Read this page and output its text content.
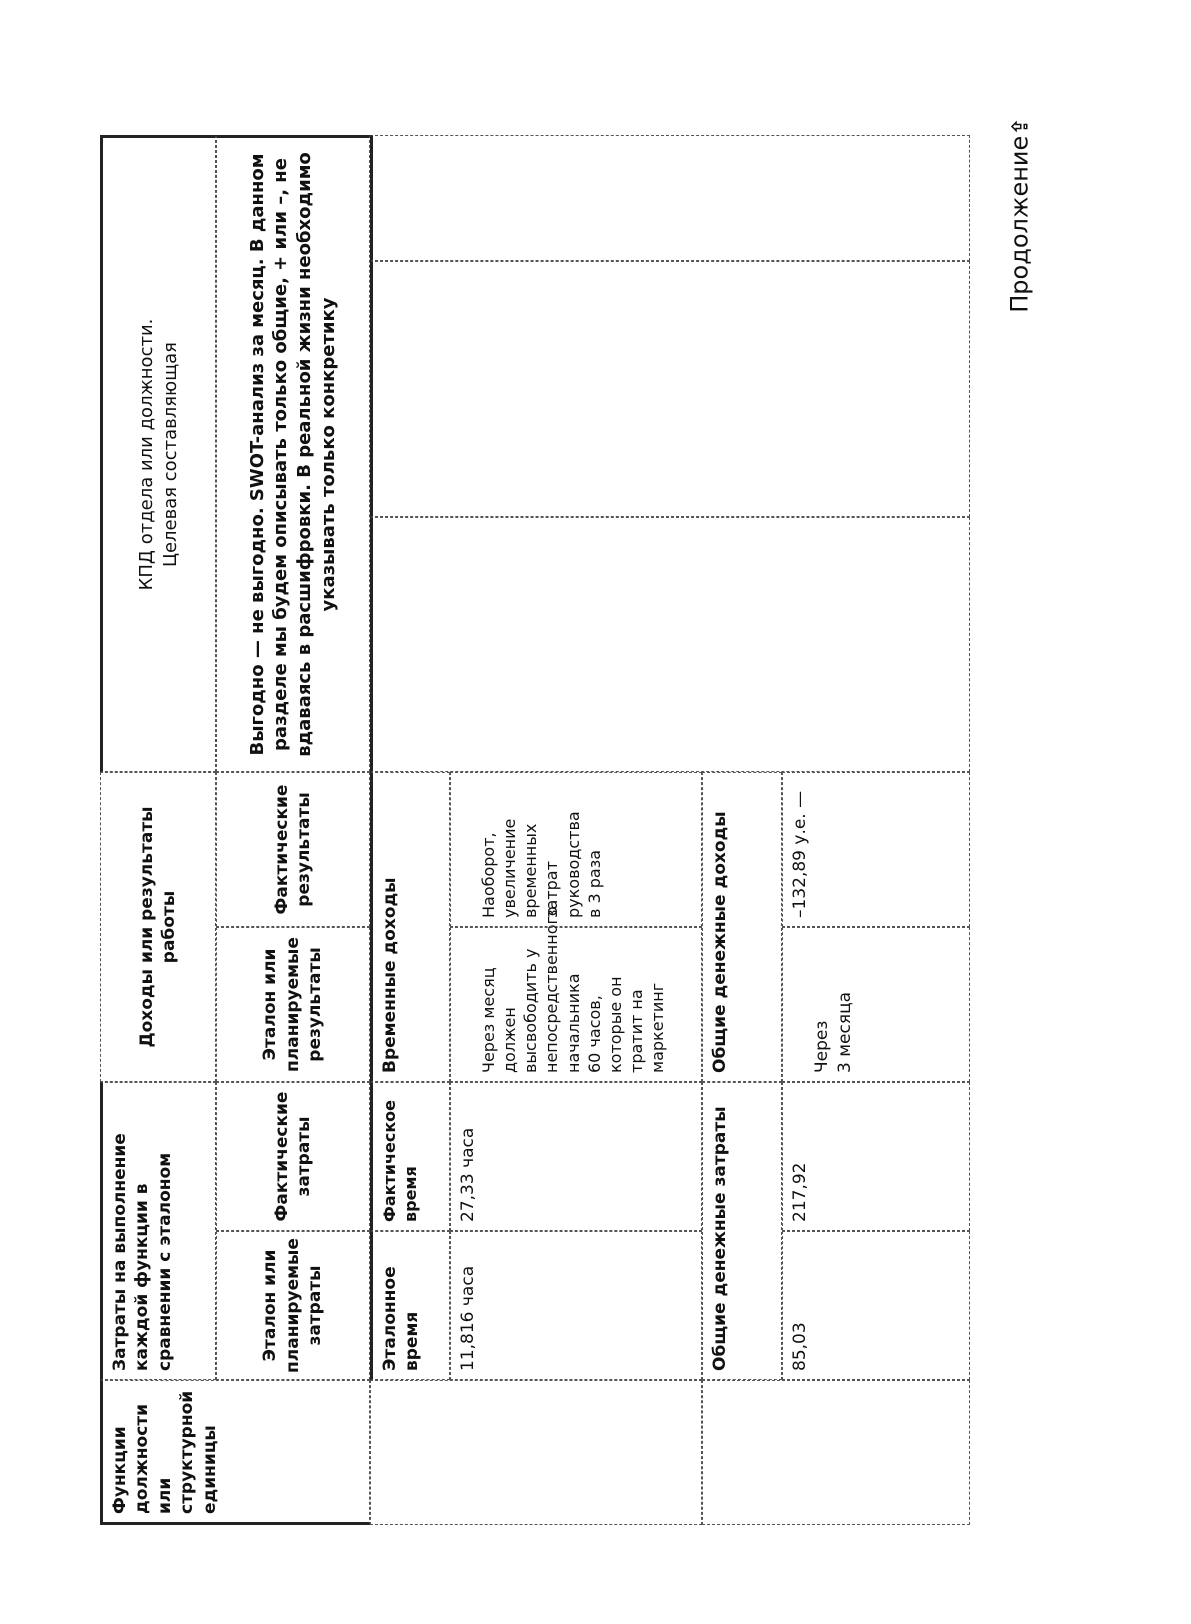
Функции должности или структурной единицы
Затраты на выполнение каждой функции в сравнении с эталоном	Эталон или планируемые затраты
Фактические затраты
Доходы или результаты работы
Эталон или планируемые результаты
Фактические результаты
КПД отдела или должности.
Целевая составляющая	Выгодно — не выгодно. SWOT-анализ за месяц. В данном разделе мы будем описывать только общие, + или –, не вдаваясь в расшифровки. В реальной жизни необходимо указывать только конкретику
Эталонное время
Фактическое время
Временные доходы
11,816 часа
27,33 часа

Через месяц должен высвободить у непосредственного начальника
60 часов, которые он тратит на маркетинг

Наоборот, увеличение временных затрат руководства
в 3 раза

Общие денежные затраты
Общие денежные доходы
85,03
217,92

Через
3 месяца

–132,89 у.е. —
Продолжение⇪
